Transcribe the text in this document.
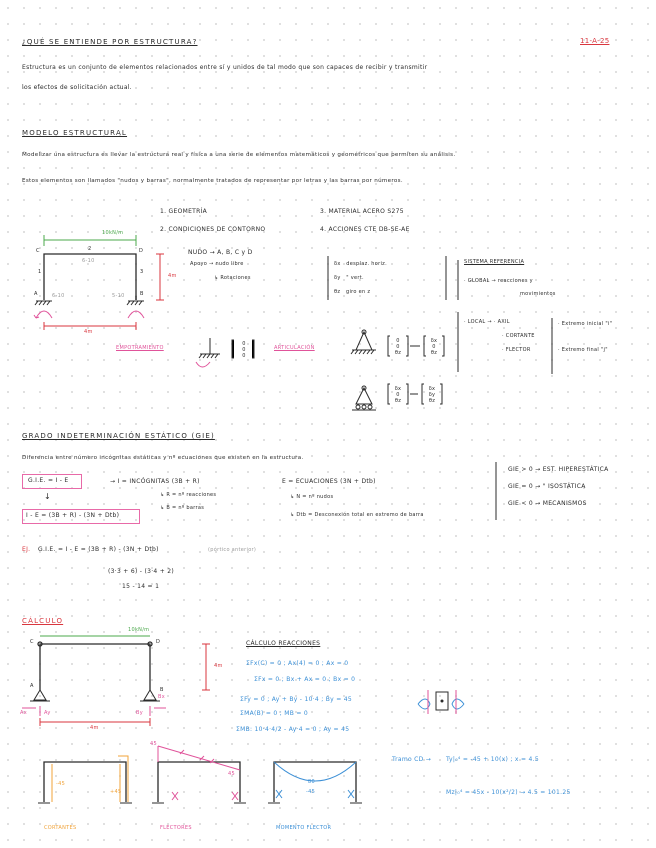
¿QUÉ SE ENTIENDE POR ESTRUCTURA?	11-A-25
Estructura es un conjunto de elementos relacionados entre sí y unidos de tal modo que son capaces de recibir y transmitir
los efectos de solicitación actual.
MODELO ESTRUCTURAL
Modelizar una estructura es llevar la estructura real y física a una serie de elementos matemáticos y geométricos que permiten su análisis.
Estos elementos son llamados "nudos y barras", normalmente tratados de representar por letras y las barras por números.
1. GEOMETRÍA
2. CONDICIONES DE CONTORNO
3. MATERIAL ACERO S275
4. ACCIONES CTE DB-SE-AE
10kN/m
4m
4m
A	B
C	D
1
2
3
6-10
6-10
5-10
NUDO → A, B, C y D
Apoyo → nudo libre
↳ Rotaciones
δx desplaz. horiz.
δy " vert.
θz giro en z
SISTEMA REFERENCIA
· GLOBAL → reacciones y
movimientos
· LOCAL → · AXIL
· CORTANTE
· FLECTOR
· Extremo inicial "i"
· Extremo final "j"
EMPOTRAMIENTO
0
0
0
ARTICULACIÓN
0
0
θz
δx
0
θz
δx
0
θz
δx
δy
θz
GRADO INDETERMINACIÓN ESTÁTICO (GIE)
Diferencia entre número incógnitas estáticas y nº ecuaciones que existen en la estructura.
G.I.E. = I - E
↓
I - E = (3B + R) - (3N + Dtb)
→ I = INCÓGNITAS (3B + R)
↳ R = nº reacciones
↳ B = nº barras
E = ECUACIONES (3N + Dtb)
↳ N = nº nudos
↳ Dtb = Desconexión total en extremo de barra
GIE > 0 → EST. HIPERESTÁTICA
GIE = 0 → " ISOSTÁTICA
GIE < 0 → MECANISMOS
EJ. G.I.E. = I - E = (3B + R) - (3N + Dtb)	(pórtico anterior)
(3·3 + 6) - (3·4 + 2)
15 - 14 = 1
CÁLCULO
10kN/m
4m
4m
C	D
A
B
Ax	Ay	By
Bx
CÁLCULO REACCIONES
ΣFx(C) = 0 ; Ax(4) = 0 ; Ax = 0
ΣFx = 0 ; Bx + Ax = 0 ; Bx = 0
ΣFy = 0 ; Ay + By - 10·4 ; By = 45
ΣMA(B) = 0 ; MB = 0
ΣMB: 10·4·4/2 - Ay·4 = 0 ; Ay = 45
CORTANTES	FLECTORES	MOMENTO FLECTOR
-45
+45
45
45
80
-45
Tramo CD → Ty|₀⁴ = -45 + 10(x) ; x = 4.5
Mz|₀⁴ = 45x - 10(x²/2) → 4.5 = 101.25
